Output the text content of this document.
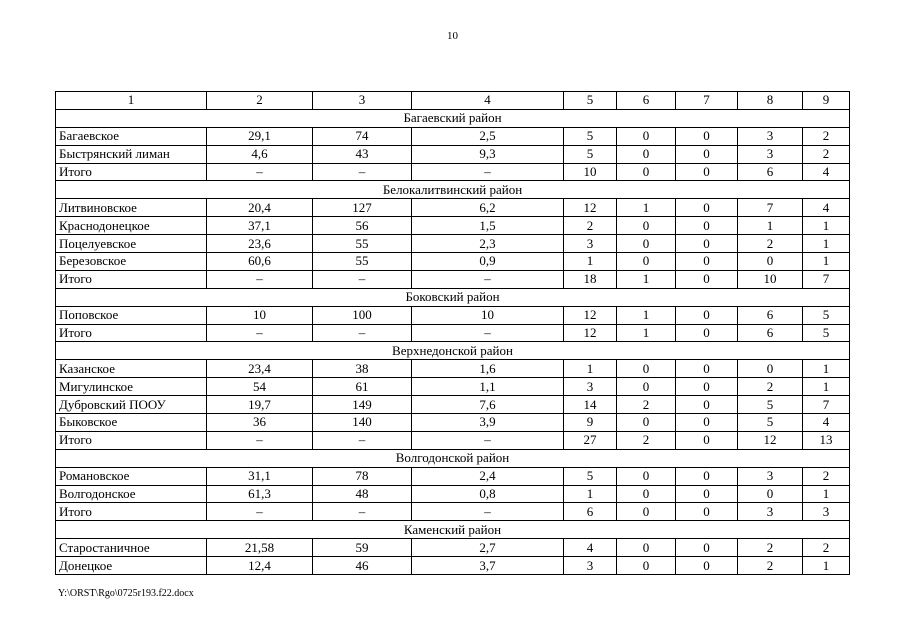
10
1	2	3	4	5	6	7	8	9
Багаевский район								
Багаевское	29,1	74	2,5	5	0	0	3	2
Быстрянский лиман	4,6	43	9,3	5	0	0	3	2
Итого	–	–	–	10	0	0	6	4
Белокалитвинский район								
Литвиновское	20,4	127	6,2	12	1	0	7	4
Краснодонецкое	37,1	56	1,5	2	0	0	1	1
Поцелуевское	23,6	55	2,3	3	0	0	2	1
Березовское	60,6	55	0,9	1	0	0	0	1
Итого	–	–	–	18	1	0	10	7
Боковский район								
Поповское	10	100	10	12	1	0	6	5
Итого	–	–	–	12	1	0	6	5
Верхнедонской район								
Казанское	23,4	38	1,6	1	0	0	0	1
Мигулинское	54	61	1,1	3	0	0	2	1
Дубровский ПООУ	19,7	149	7,6	14	2	0	5	7
Быковское	36	140	3,9	9	0	0	5	4
Итого	–	–	–	27	2	0	12	13
Волгодонской район								
Романовское	31,1	78	2,4	5	0	0	3	2
Волгодонское	61,3	48	0,8	1	0	0	0	1
Итого	–	–	–	6	0	0	3	3
Каменский район								
Старостаничное	21,58	59	2,7	4	0	0	2	2
Донецкое	12,4	46	3,7	3	0	0	2	1
Y:\ORST\Rgo\0725r193.f22.docx
